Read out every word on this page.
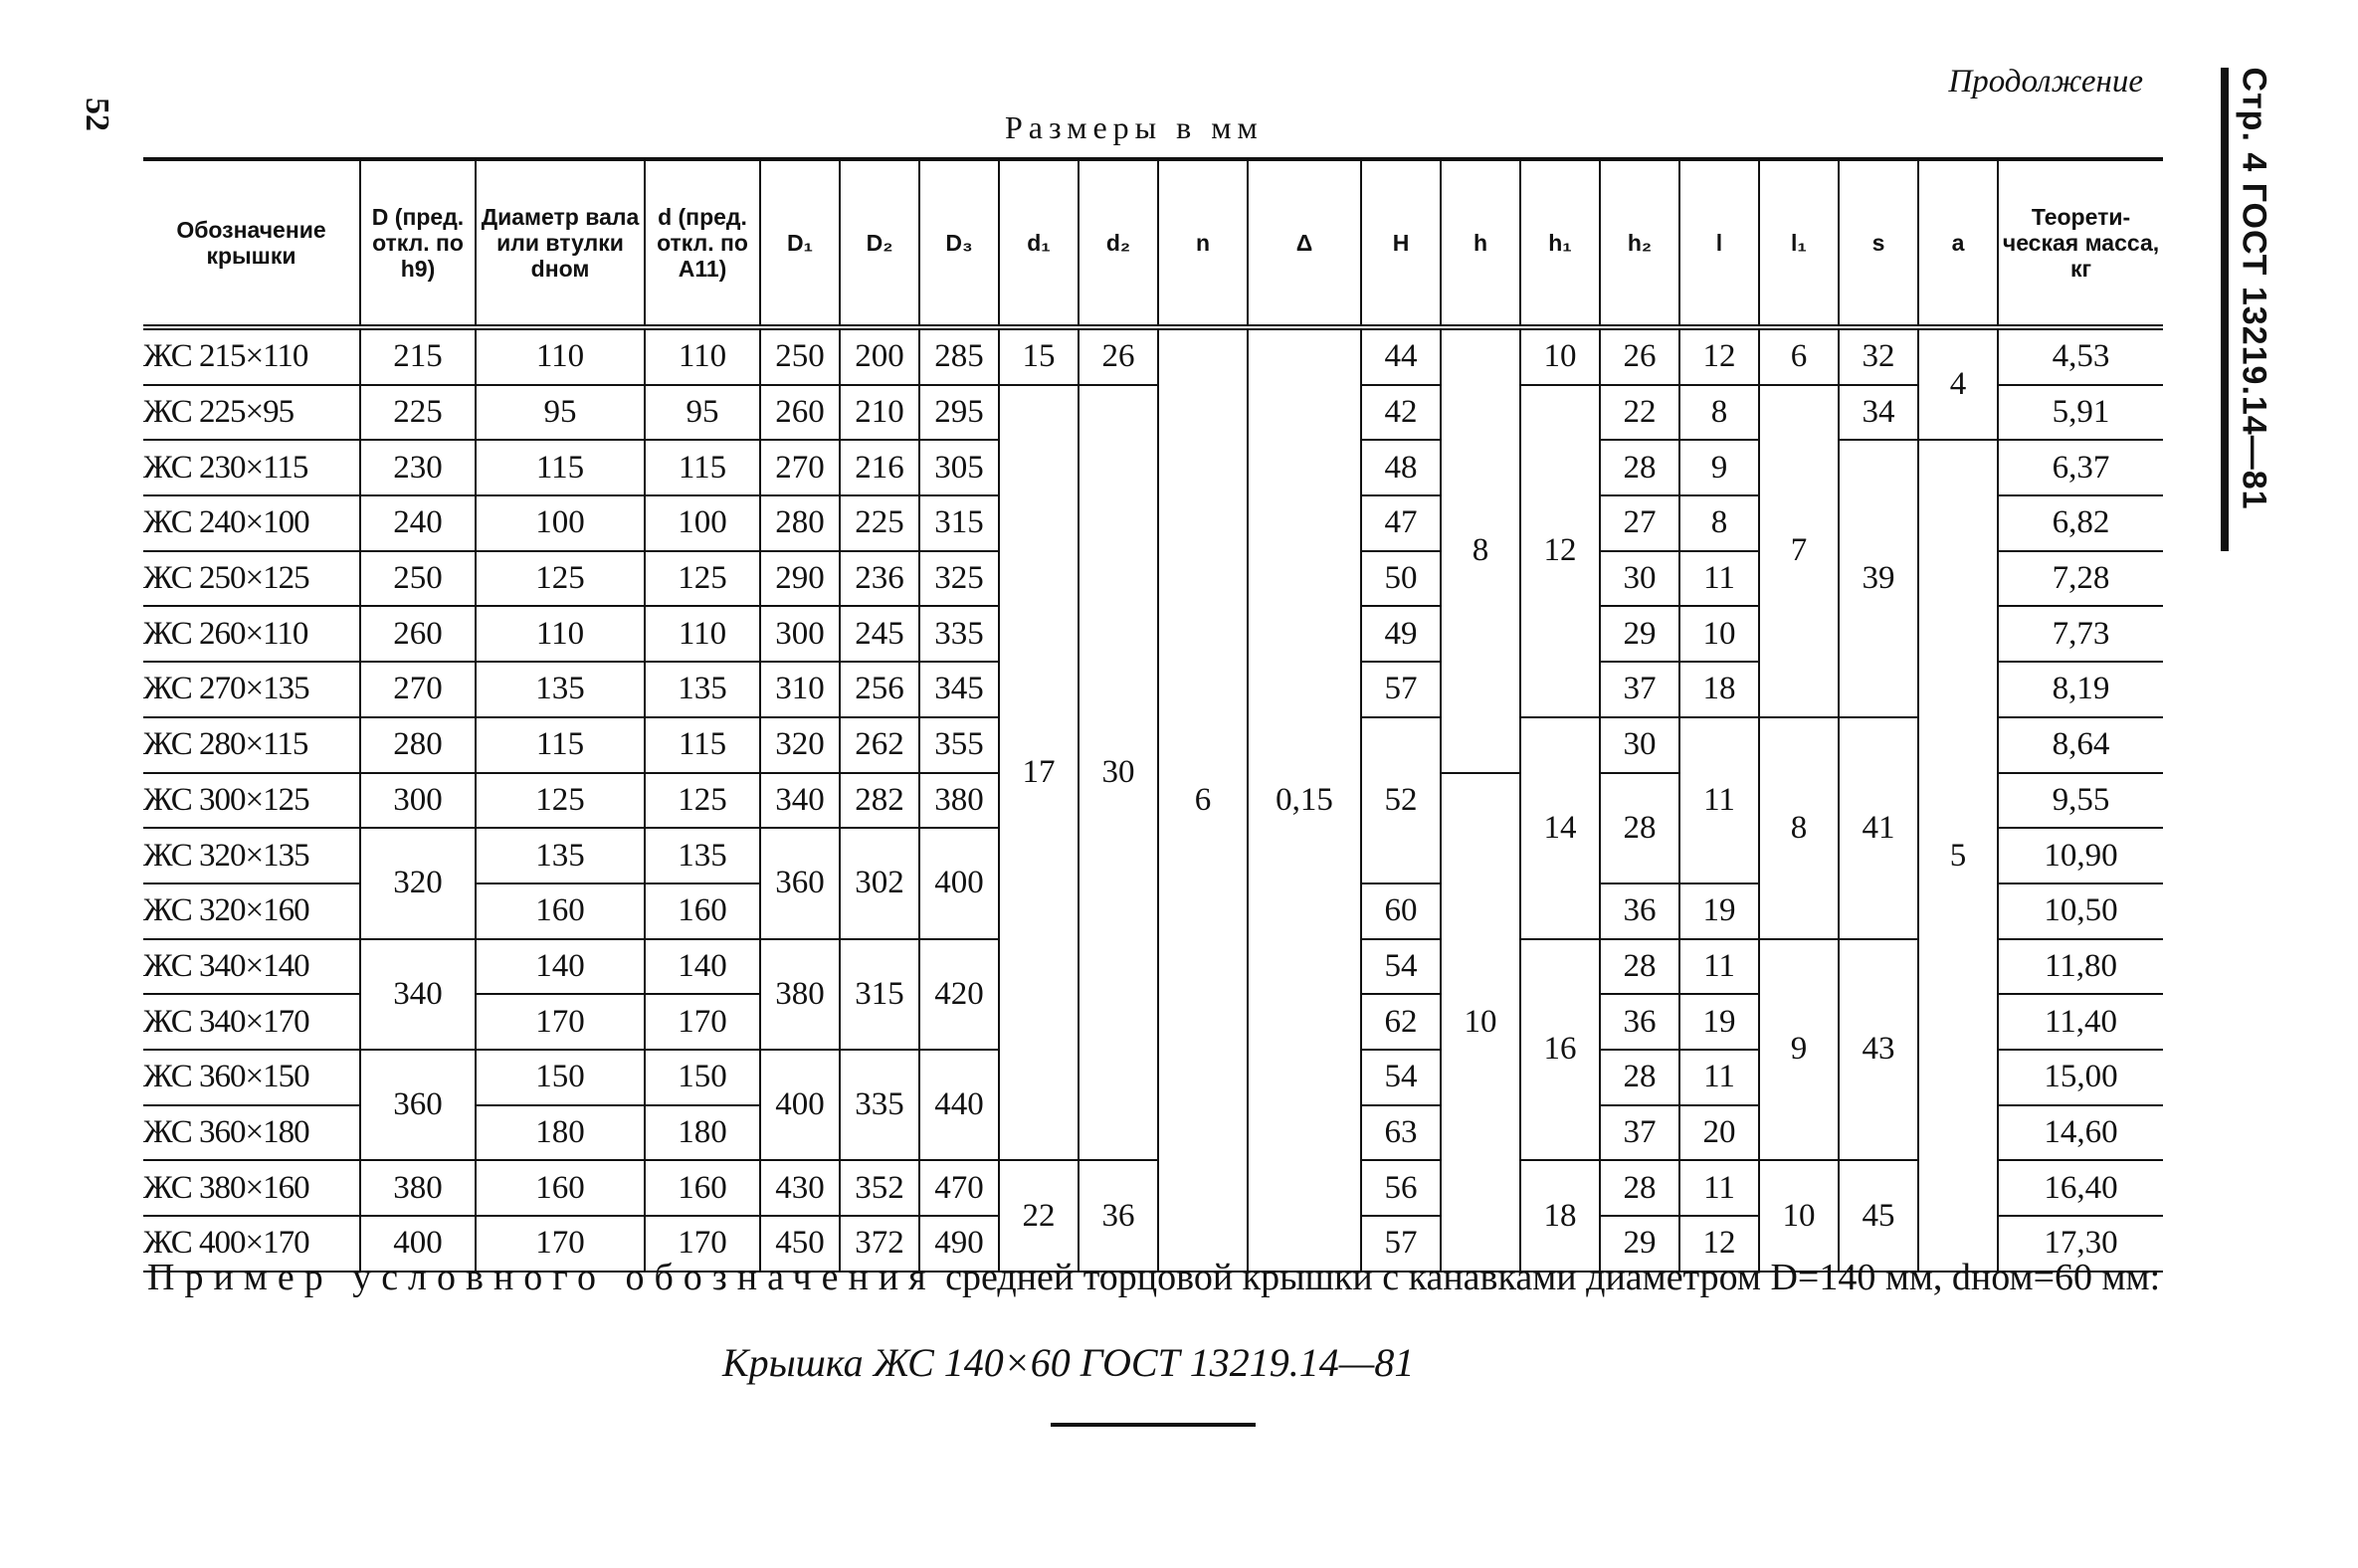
52	Стр. 4 ГОСТ 13219.14—81
Продолжение
Размеры в мм
Обозначение крышки	D (пред. откл. по h9)	Диаметр вала или втулки dном	d (пред. откл. по A11)	D₁	D₂	D₃	d₁	d₂	n	Δ	H	h	h₁	h₂	l	l₁	s	a	Теорети-ческая масса, кг
ЖС 215×110	215	110	110	250	200	285	15	26	6	0,15	44	8	10	26	12	6	32	4	4,53
ЖС 225×95	225	95	95	260	210	295	17	30			42		12	22	8	7	34		5,91
ЖС 230×115	230	115	115	270	216	305					48			28	9		39	5	6,37
ЖС 240×100	240	100	100	280	225	315					47			27	8				6,82
ЖС 250×125	250	125	125	290	236	325					50			30	11				7,28
ЖС 260×110	260	110	110	300	245	335					49			29	10				7,73
ЖС 270×135	270	135	135	310	256	345					57			37	18				8,19
ЖС 280×115	280	115	115	320	262	355					52		14	30	11	8	41		8,64
ЖС 300×125	300	125	125	340	282	380						10		28					9,55
ЖС 320×135	320	135	135	360	302	400													10,90
ЖС 320×160		160	160								60			36	19				10,50
ЖС 340×140	340	140	140	380	315	420					54		16	28	11	9	43		11,80
ЖС 340×170		170	170								62			36	19				11,40
ЖС 360×150	360	150	150	400	335	440					54			28	11				15,00
ЖС 360×180		180	180								63			37	20				14,60
ЖС 380×160	380	160	160	430	352	470	22	36			56		18	28	11	10	45		16,40
ЖС 400×170	400	170	170	450	372	490					57			29	12				17,30
Пример условного обозначения средней торцовой крышки с канавками диаметром D=140 мм, dном=60 мм:
Крышка ЖС 140×60 ГОСТ 13219.14—81
